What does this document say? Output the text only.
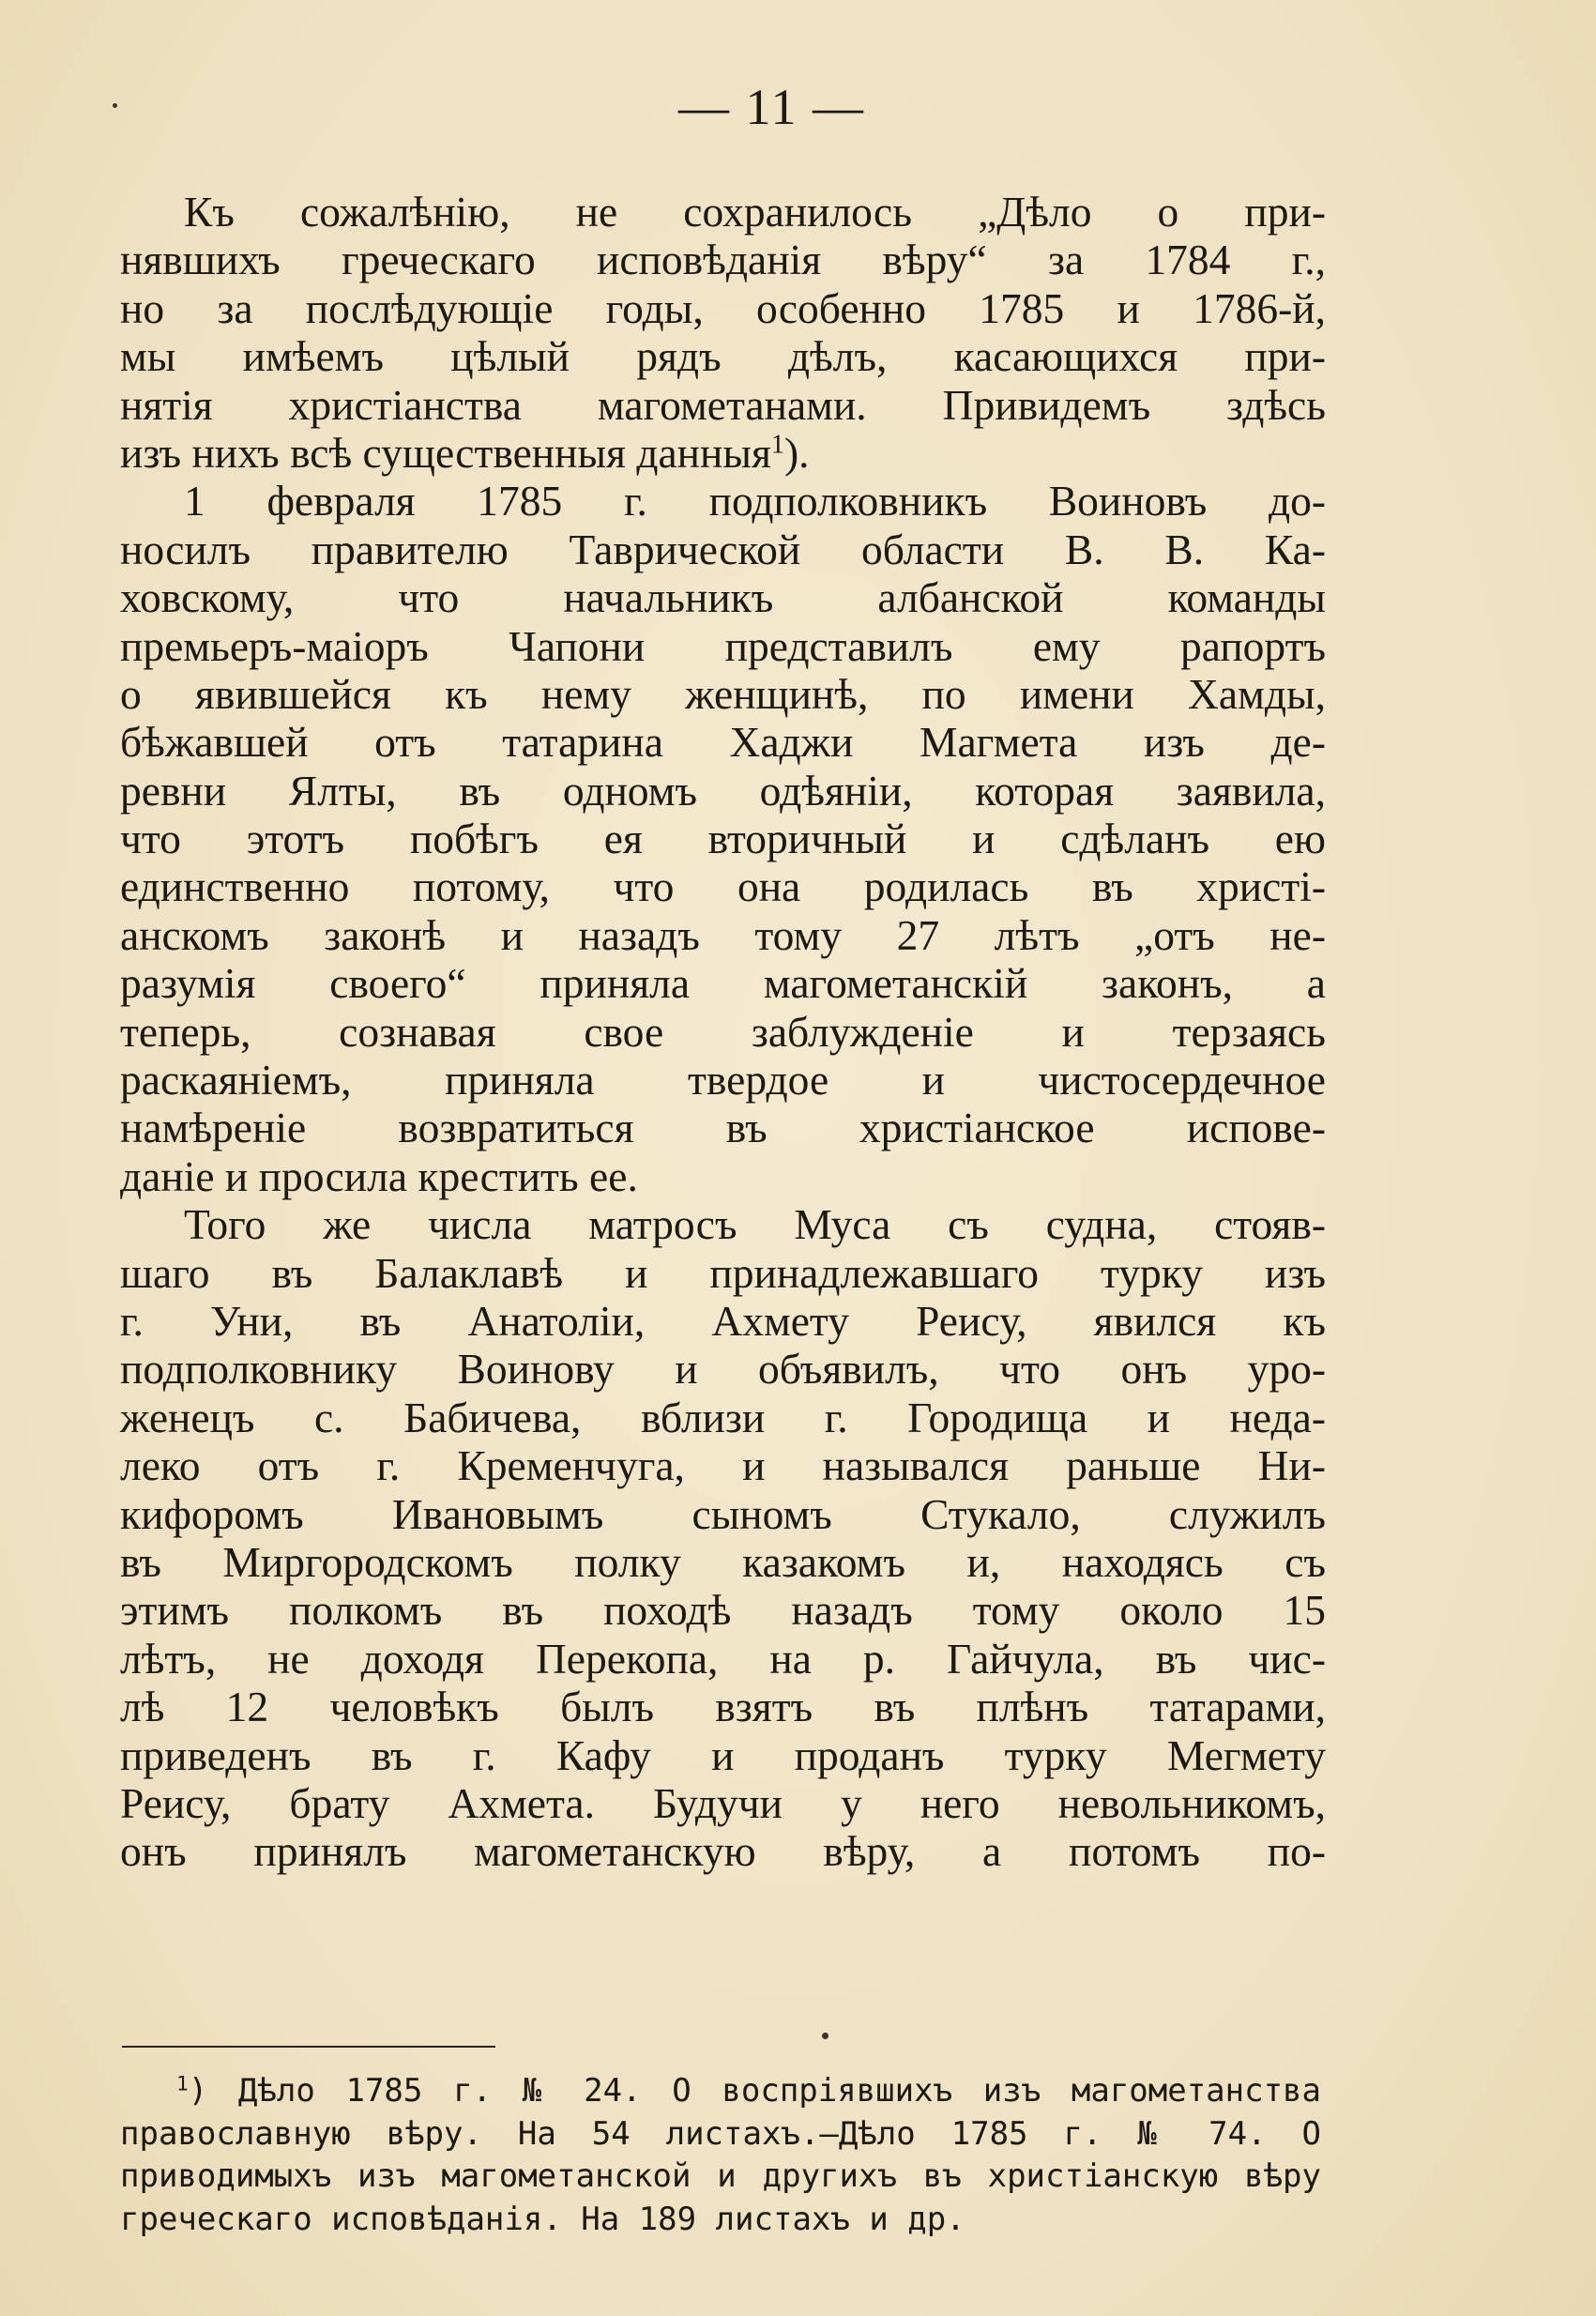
— 11 —
Къ сожалѣнію, не сохранилось „Дѣло о при-
нявшихъ греческаго исповѣданія вѣру“ за 1784 г.,
но за послѣдующіе годы, особенно 1785 и 1786-й,
мы имѣемъ цѣлый рядъ дѣлъ, касающихся при-
нятія христіанства магометанами. Привидемъ здѣсь
изъ нихъ всѣ существенныя данныя$^1$).
1 февраля 1785 г. подполковникъ Воиновъ до-
носилъ правителю Таврической области В. В. Ка-
ховскому, что начальникъ албанской команды
премьеръ-маіоръ Чапони представилъ ему рапортъ
о явившейся къ нему женщинѣ, по имени Хамды,
бѣжавшей отъ татарина Хаджи Магмета изъ де-
ревни Ялты, въ одномъ одѣяніи, которая заявила,
что этотъ побѣгъ ея вторичный и сдѣланъ ею
единственно потому, что она родилась въ христі-
анскомъ законѣ и назадъ тому 27 лѣтъ „отъ не-
разумія своего“ приняла магометанскій законъ, а
теперь, сознавая свое заблужденіе и терзаясь
раскаяніемъ, приняла твердое и чистосердечное
намѣреніе возвратиться въ христіанское испове-
даніе и просила крестить ее.
Того же числа матросъ Муса съ судна, стояв-
шаго въ Балаклавѣ и принадлежавшаго турку изъ
г. Уни, въ Анатоліи, Ахмету Реису, явился къ
подполковнику Воинову и объявилъ, что онъ уро-
женецъ с. Бабичева, вблизи г. Городища и неда-
леко отъ г. Кременчуга, и назывался раньше Ни-
кифоромъ Ивановымъ сыномъ Стукало, служилъ
въ Миргородскомъ полку казакомъ и, находясь съ
этимъ полкомъ въ походѣ назадъ тому около 15
лѣтъ, не доходя Перекопа, на р. Гайчула, въ чис-
лѣ 12 человѣкъ былъ взятъ въ плѣнъ татарами,
приведенъ въ г. Кафу и проданъ турку Мегмету
Реису, брату Ахмета. Будучи у него невольникомъ,
онъ принялъ магометанскую вѣру, а потомъ по-
$^1$) Дѣло 1785 г. № 24. О воспріявшихъ изъ магометанства
православную вѣру. На 54 листахъ.—Дѣло 1785 г. № 74. О
приводимыхъ изъ магометанской и другихъ въ христіанскую вѣру
греческаго исповѣданія. На 189 листахъ и др.
